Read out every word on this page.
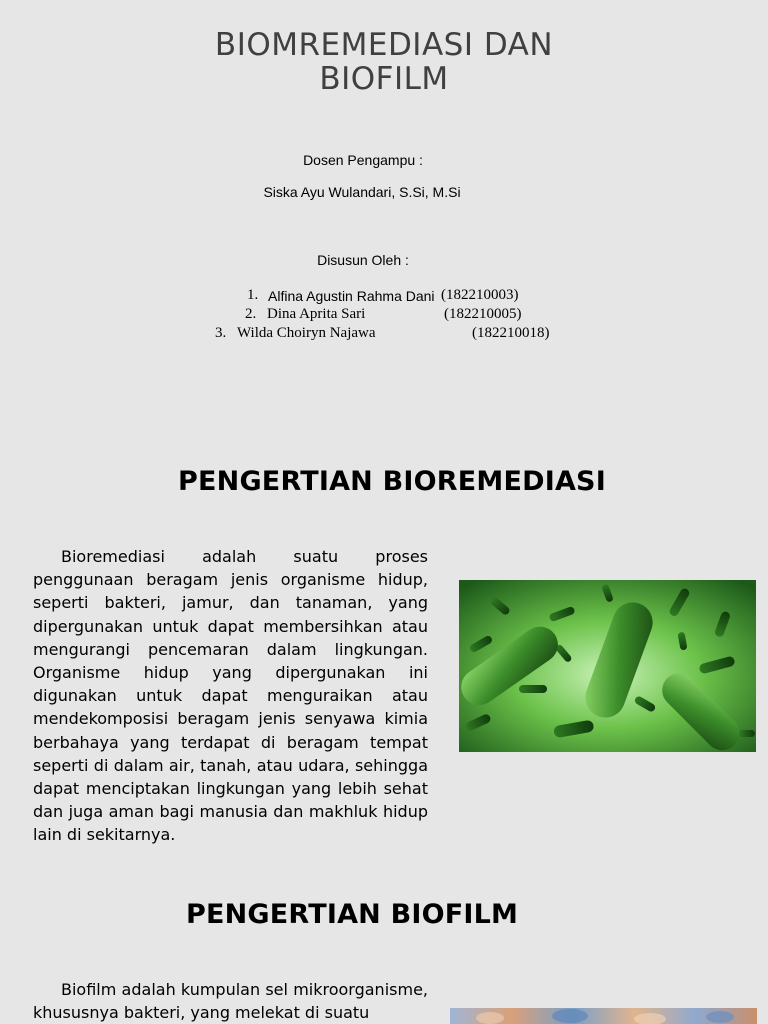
BIOMREMEDIASI DAN
BIOFILM
Dosen Pengampu :
Siska Ayu Wulandari, S.Si, M.Si
Disusun Oleh :
1. Alfina Agustin Rahma Dani (182210003)
2. Dina Aprita Sari	(182210005)
3. Wilda Choiryn Najawa	(182210018)
PENGERTIAN BIOREMEDIASI

Bioremediasi adalah suatu proses penggunaan beragam jenis organisme hidup, seperti bakteri, jamur, dan tanaman, yang dipergunakan untuk dapat membersihkan atau mengurangi pencemaran dalam lingkungan. Organisme hidup yang dipergunakan ini digunakan untuk dapat menguraikan atau mendekomposisi beragam jenis senyawa kimia berbahaya yang terdapat di beragam tempat seperti di dalam air, tanah, atau udara, sehingga dapat menciptakan lingkungan yang lebih sehat dan juga aman bagi manusia dan makhluk hidup lain di sekitarnya.

PENGERTIAN BIOFILM

Biofilm adalah kumpulan sel mikroorganisme, khususnya bakteri, yang melekat di suatu
